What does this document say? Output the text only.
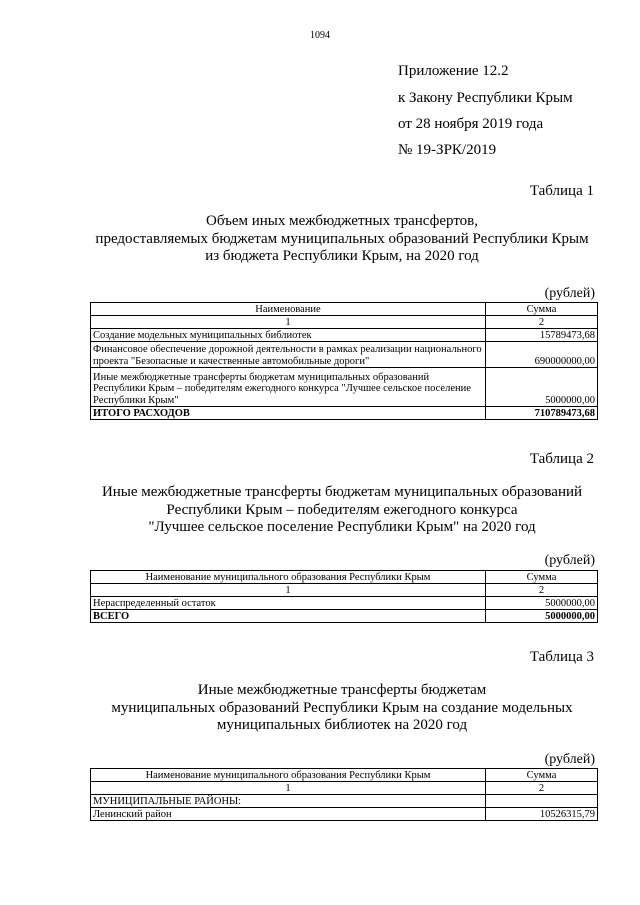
1094
Приложение 12.2
к Закону Республики Крым
от 28 ноября 2019 года
№ 19-ЗРК/2019
Таблица 1
Объем иных межбюджетных трансфертов,
предоставляемых бюджетам муниципальных образований Республики Крым
из бюджета Республики Крым, на 2020 год
(рублей)
Наименование	Сумма
1	2
Создание модельных муниципальных библиотек	15789473,68
Финансовое обеспечение дорожной деятельности в рамках реализации национального проекта "Безопасные и качественные автомобильные дороги"	690000000,00
Иные межбюджетные трансферты бюджетам муниципальных образований Республики Крым – победителям ежегодного конкурса "Лучшее сельское поселение Республики Крым"	5000000,00
ИТОГО РАСХОДОВ	710789473,68
Таблица 2
Иные межбюджетные трансферты бюджетам муниципальных образований
Республики Крым – победителям ежегодного конкурса
"Лучшее сельское поселение Республики Крым" на 2020 год
(рублей)
Наименование муниципального образования Республики Крым	Сумма
1	2
Нераспределенный остаток	5000000,00
ВСЕГО	5000000,00
Таблица 3
Иные межбюджетные трансферты бюджетам
муниципальных образований Республики Крым на создание модельных
муниципальных библиотек на 2020 год
(рублей)
Наименование муниципального образования Республики Крым	Сумма
1	2
МУНИЦИПАЛЬНЫЕ РАЙОНЫ:	
Ленинский район	10526315,79
